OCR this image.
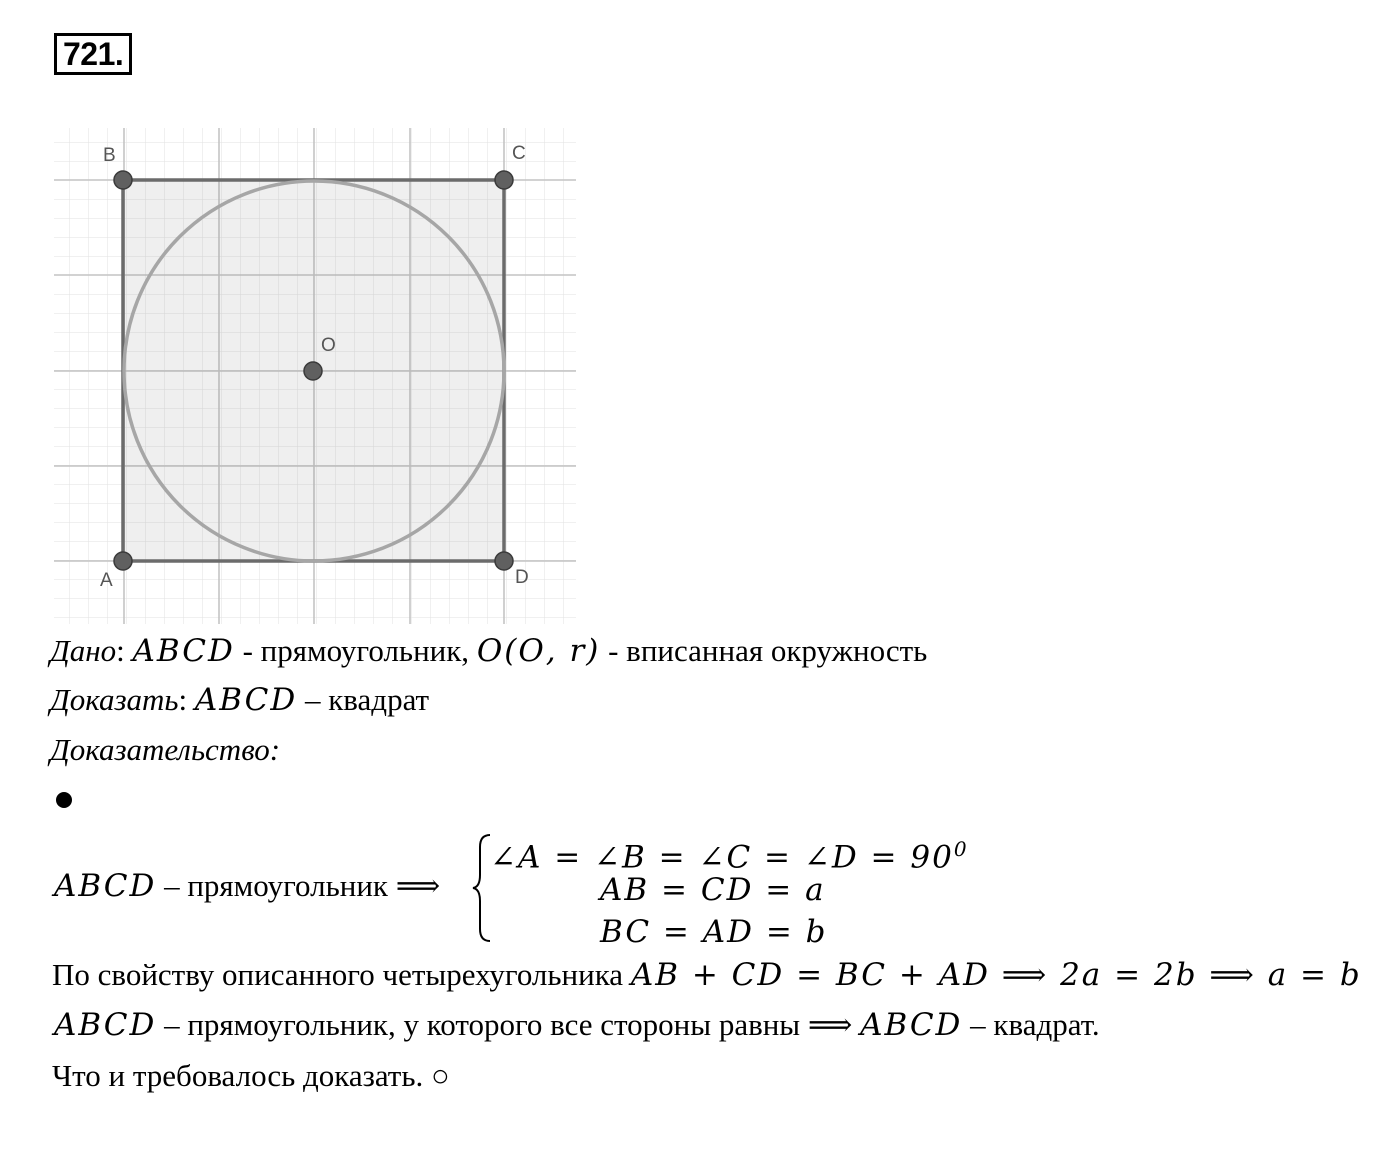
721.
B	C
A	D
O
Дано: ABCD - прямоугольник, 𝑂(𝑂, 𝑟) - вписанная окружность
Доказать: ABCD – квадрат
Доказательство:
ABCD – прямоугольник ⟹
∠A = ∠B = ∠C = ∠D = $90^0$
AB = CD = a
BC = AD = b
По свойству описанного четырехугольника AB + CD = BC + AD ⟹ 2a = 2b ⟹ a = b
ABCD – прямоугольник, у которого все стороны равны ⟹ ABCD – квадрат.
Что и требовалось доказать. ○
